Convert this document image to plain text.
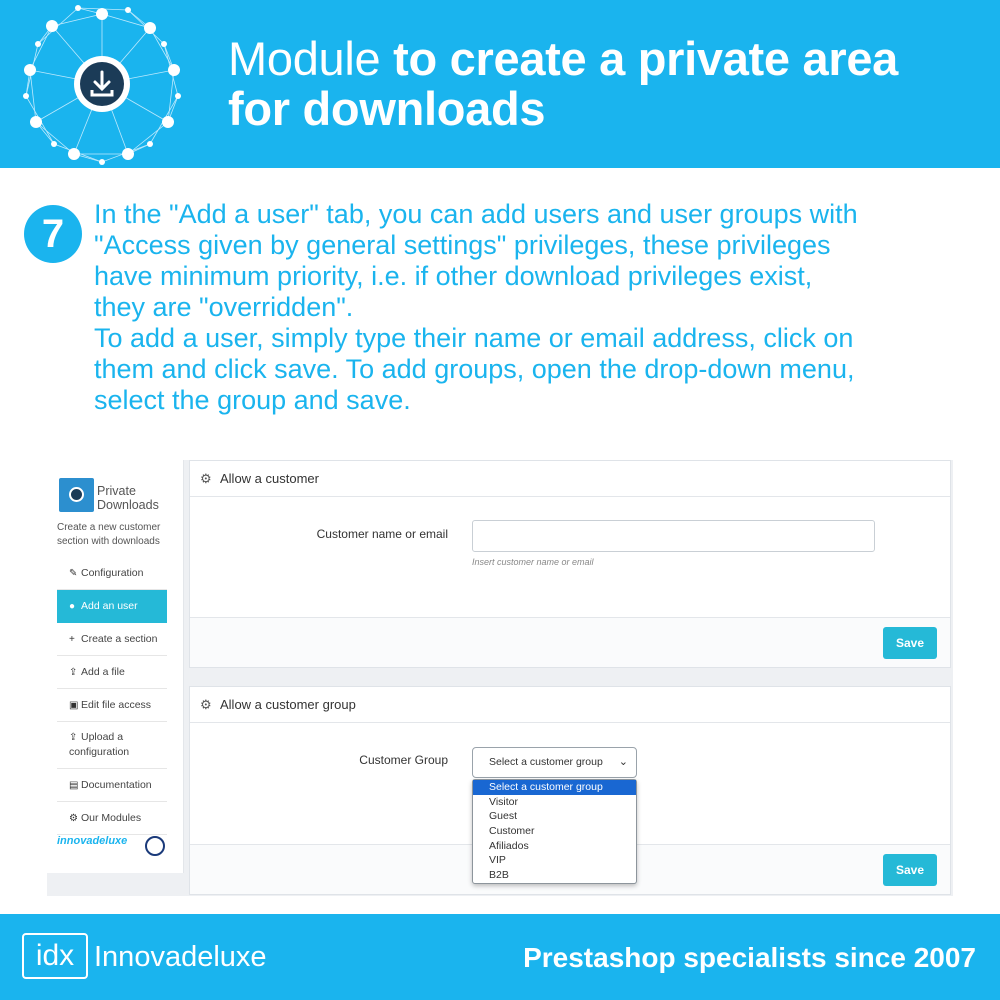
Module to create a private area
for downloads
7	In the "Add a user" tab, you can add users and user groups with

"Access given by general settings" privileges, these privileges

have minimum priority, i.e. if other download privileges exist,

they are "overridden".

To add a user, simply type their name or email address, click on

them and click save. To add groups, open the drop-down menu,

select the group and save.

Private
Downloads
Create a new customer
section with downloads
✎ Configuration
● Add an user
+ Create a section
⇪ Add a file
▣ Edit file access
⇪ Upload a
configuration
▤ Documentation
⚙ Our Modules
innovadeluxe
⚙ Allow a customer
Customer name or email
Insert customer name or email
Save
⚙ Allow a customer group
Customer Group	Select a customer group ⌄
Save
Select a customer group
Visitor
Guest
Customer
Afiliados
VIP
B2B
idx Innovadeluxe	Prestashop specialists since 2007
